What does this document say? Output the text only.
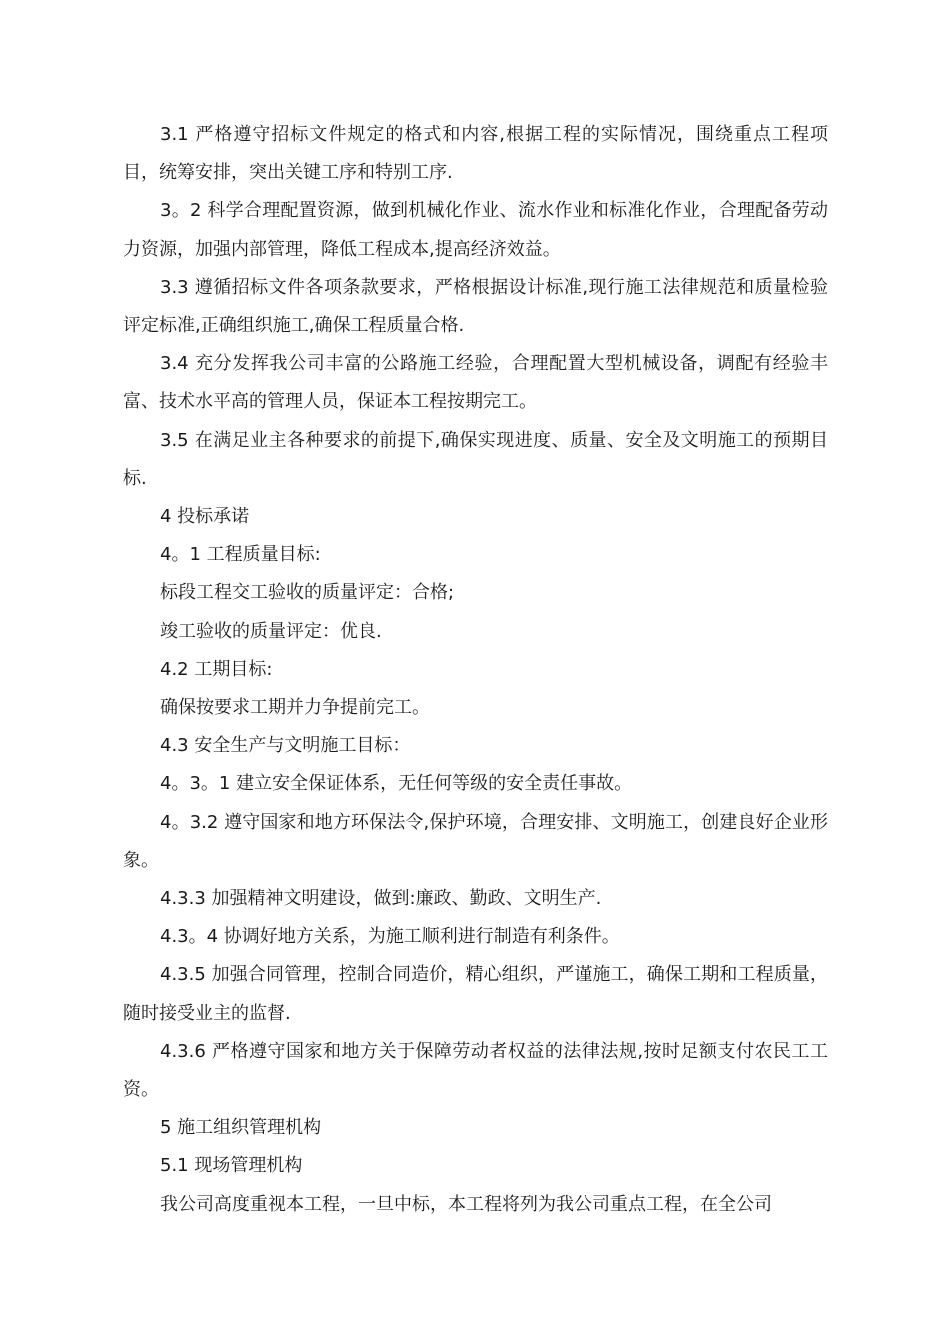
3.1 严格遵守招标文件规定的格式和内容,根据工程的实际情况，围绕重点工程项目，统筹安排，突出关键工序和特别工序.

3。2 科学合理配置资源，做到机械化作业、流水作业和标准化作业，合理配备劳动力资源，加强内部管理，降低工程成本,提高经济效益。

3.3 遵循招标文件各项条款要求，严格根据设计标准,现行施工法律规范和质量检验评定标准,正确组织施工,确保工程质量合格.

3.4 充分发挥我公司丰富的公路施工经验，合理配置大型机械设备，调配有经验丰富、技术水平高的管理人员，保证本工程按期完工。

3.5 在满足业主各种要求的前提下,确保实现进度、质量、安全及文明施工的预期目标.

4 投标承诺

4。1 工程质量目标:

标段工程交工验收的质量评定：合格;

竣工验收的质量评定：优良.

4.2 工期目标:

确保按要求工期并力争提前完工。

4.3 安全生产与文明施工目标：

4。3。1 建立安全保证体系，无任何等级的安全责任事故。

4。3.2 遵守国家和地方环保法令,保护环境，合理安排、文明施工，创建良好企业形象。

4.3.3 加强精神文明建设，做到:廉政、勤政、文明生产.

4.3。4 协调好地方关系，为施工顺利进行制造有利条件。

4.3.5 加强合同管理，控制合同造价，精心组织，严谨施工，确保工期和工程质量，随时接受业主的监督.

4.3.6 严格遵守国家和地方关于保障劳动者权益的法律法规,按时足额支付农民工工资。

5 施工组织管理机构

5.1 现场管理机构

我公司高度重视本工程，一旦中标，本工程将列为我公司重点工程，在全公司
